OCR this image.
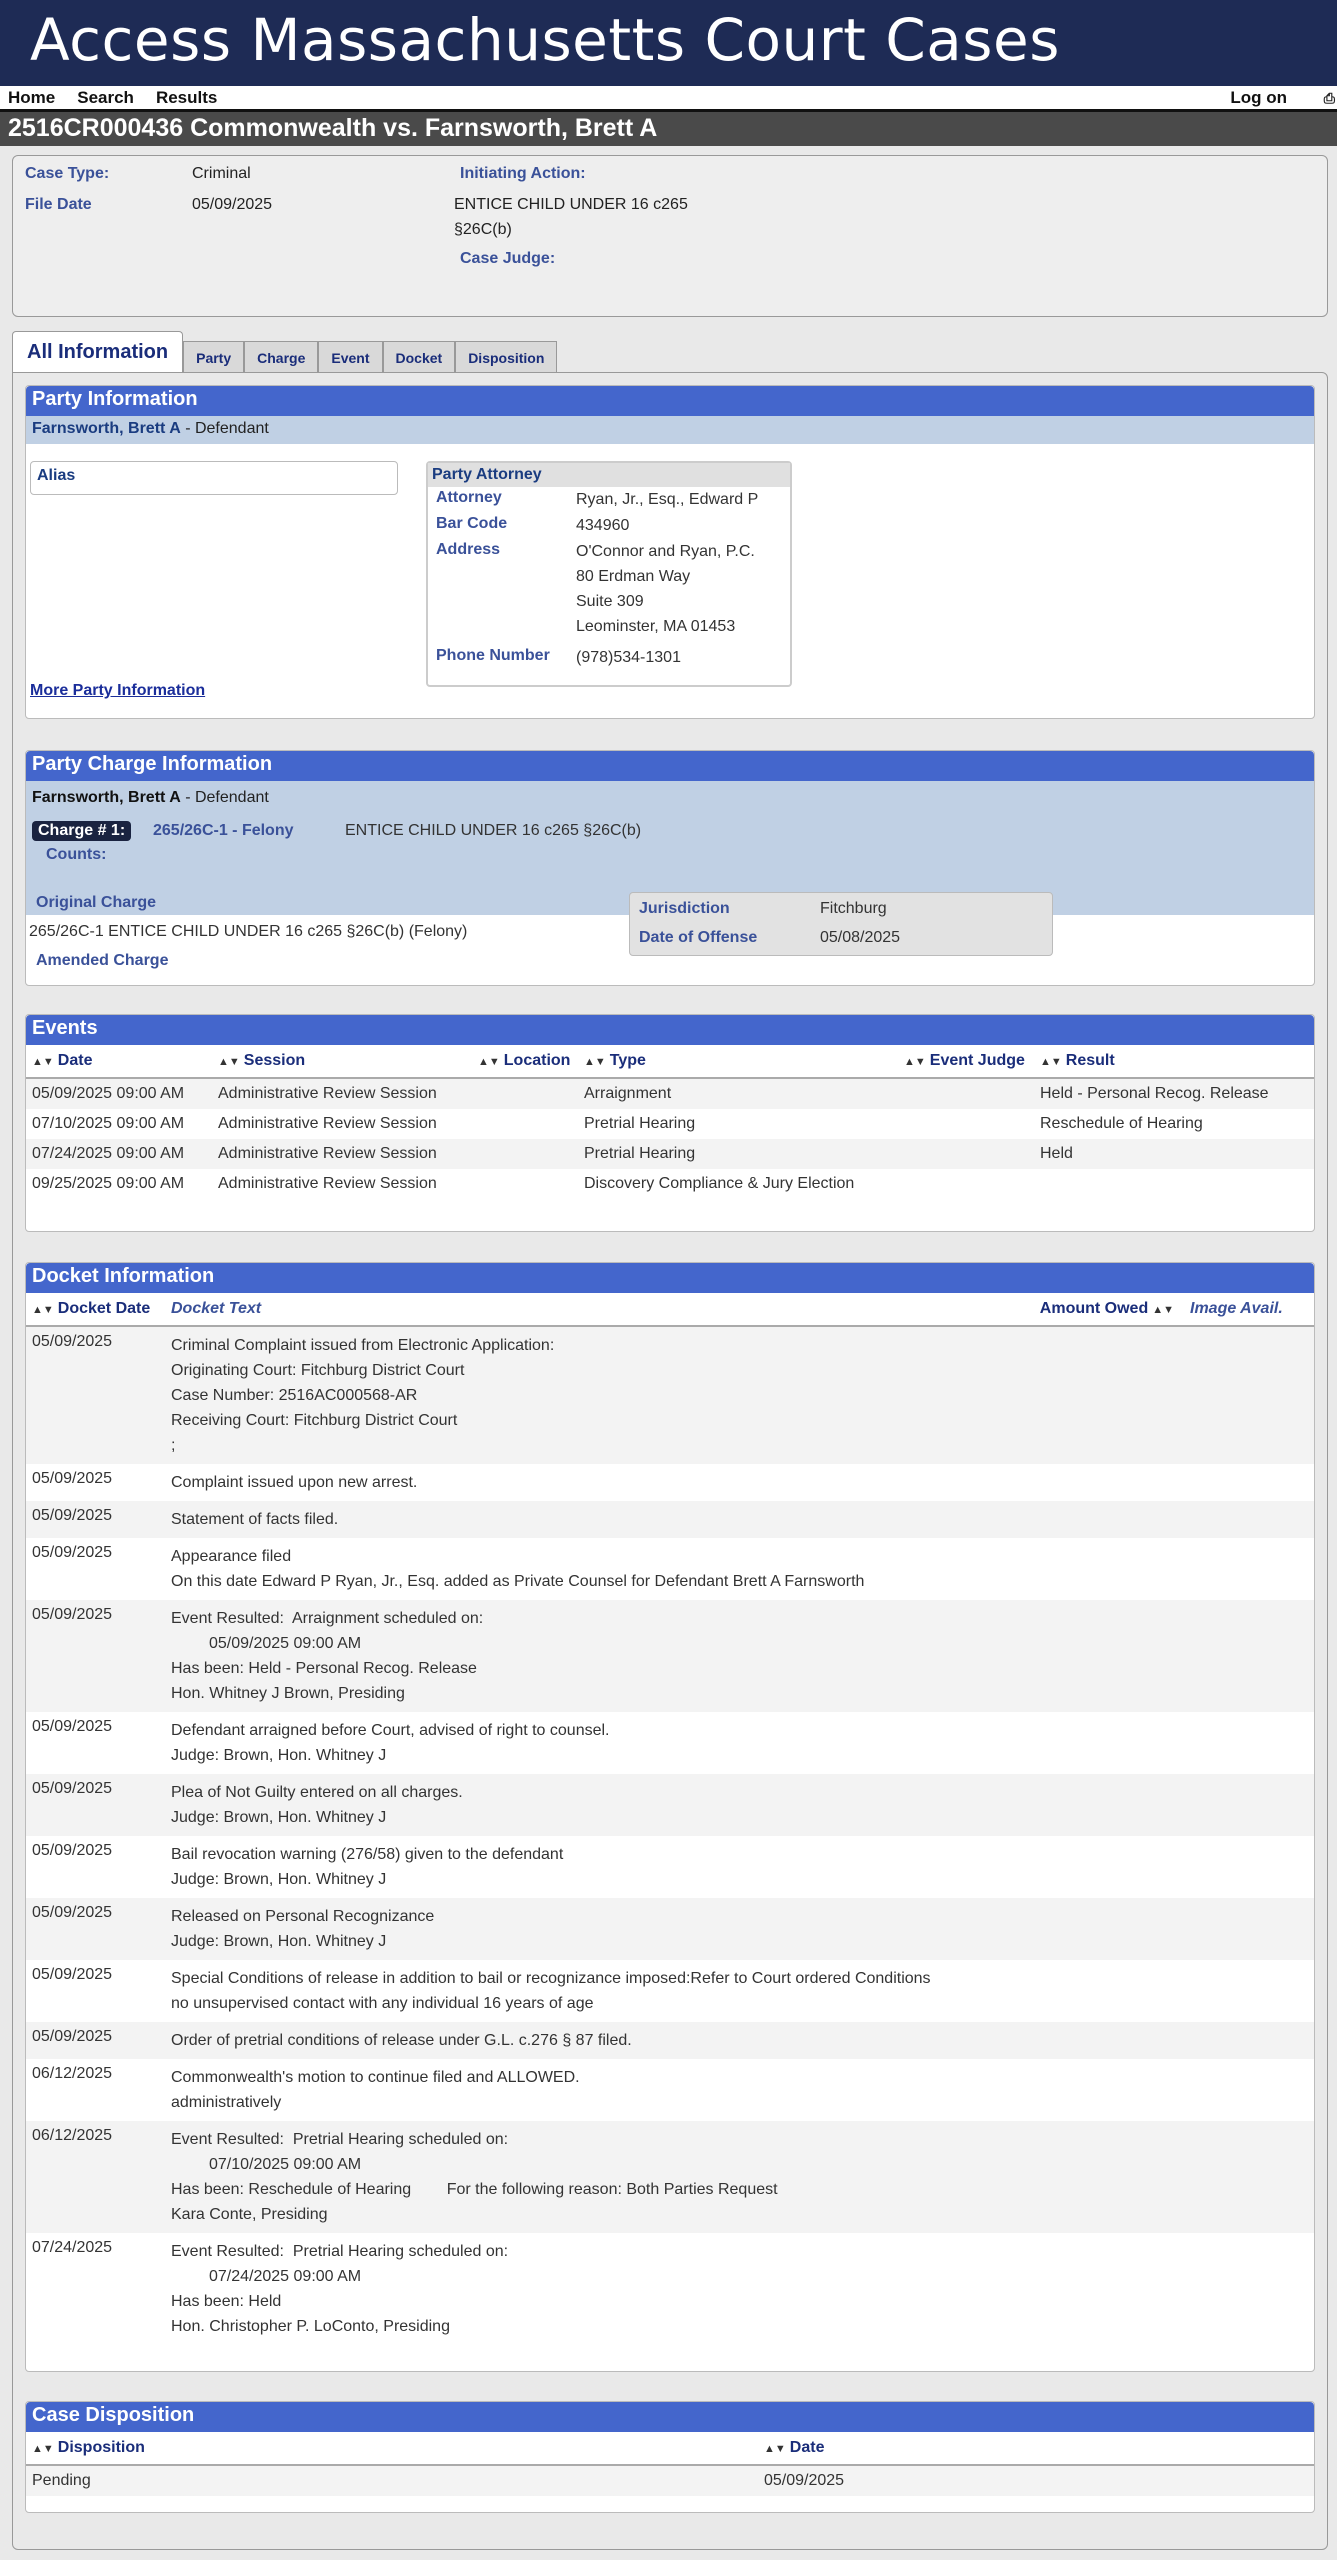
Access Massachusetts Court Cases
Home Search Results	Log on	⎙
2516CR000436 Commonwealth vs. Farnsworth, Brett A
Case Type:	Criminal
File Date	05/09/2025
Initiating Action:
ENTICE CHILD UNDER 16 c265
§26C(b)
Case Judge:
All Information	Party	Charge	Event	Docket	Disposition
Party Information
Farnsworth, Brett A - Defendant
Alias	Party Attorney
Attorney	Ryan, Jr., Esq., Edward P
Bar Code	434960
Address	O'Connor and Ryan, P.C.
80 Erdman Way
Suite 309
Leominster, MA 01453
Phone Number (978)534-1301
More Party Information
Party Charge Information
Farnsworth, Brett A - Defendant
Charge # 1:	265/26C-1 - Felony	ENTICE CHILD UNDER 16 c265 §26C(b)
Counts:
Original Charge
265/26C-1 ENTICE CHILD UNDER 16 c265 §26C(b) (Felony)
Amended Charge
Jurisdiction	Fitchburg
Date of Offense	05/08/2025
Events
▲▼ Date	▲▼ Session	▲▼ Location	▲▼ Type	▲▼ Event Judge	▲▼ Result
05/09/2025 09:00 AM	Administrative Review Session		Arraignment		Held - Personal Recog. Release
07/10/2025 09:00 AM	Administrative Review Session		Pretrial Hearing		Reschedule of Hearing
07/24/2025 09:00 AM	Administrative Review Session		Pretrial Hearing		Held
09/25/2025 09:00 AM	Administrative Review Session		Discovery Compliance & Jury Election		
Docket Information
▲▼ Docket Date	Docket Text	Amount Owed ▲▼	Image Avail.
05/09/2025	Criminal Complaint issued from Electronic Application:
Originating Court: Fitchburg District Court
Case Number: 2516AC000568-AR
Receiving Court: Fitchburg District Court
;		

05/09/2025	Complaint issued upon new arrest.		

05/09/2025	Statement of facts filed.		

05/09/2025	Appearance filed
On this date Edward P Ryan, Jr., Esq. added as Private Counsel for Defendant Brett A Farnsworth		

05/09/2025	Event Resulted:  Arraignment scheduled on:
05/09/2025 09:00 AM
Has been: Held - Personal Recog. Release
Hon. Whitney J Brown, Presiding		

05/09/2025	Defendant arraigned before Court, advised of right to counsel.
Judge: Brown, Hon. Whitney J		

05/09/2025	Plea of Not Guilty entered on all charges.
Judge: Brown, Hon. Whitney J		

05/09/2025	Bail revocation warning (276/58) given to the defendant
Judge: Brown, Hon. Whitney J		

05/09/2025	Released on Personal Recognizance
Judge: Brown, Hon. Whitney J		

05/09/2025	Special Conditions of release in addition to bail or recognizance imposed:Refer to Court ordered Conditions
no unsupervised contact with any individual 16 years of age		

05/09/2025	Order of pretrial conditions of release under G.L. c.276 § 87 filed.		

06/12/2025	Commonwealth's motion to continue filed and ALLOWED.
administratively		

06/12/2025	Event Resulted:  Pretrial Hearing scheduled on:
07/10/2025 09:00 AM
Has been: Reschedule of Hearing        For the following reason: Both Parties Request
Kara Conte, Presiding		

07/24/2025	Event Resulted:  Pretrial Hearing scheduled on:
07/24/2025 09:00 AM
Has been: Held
Hon. Christopher P. LoConto, Presiding		

Case Disposition
▲▼ Disposition	▲▼ Date
Pending	05/09/2025
